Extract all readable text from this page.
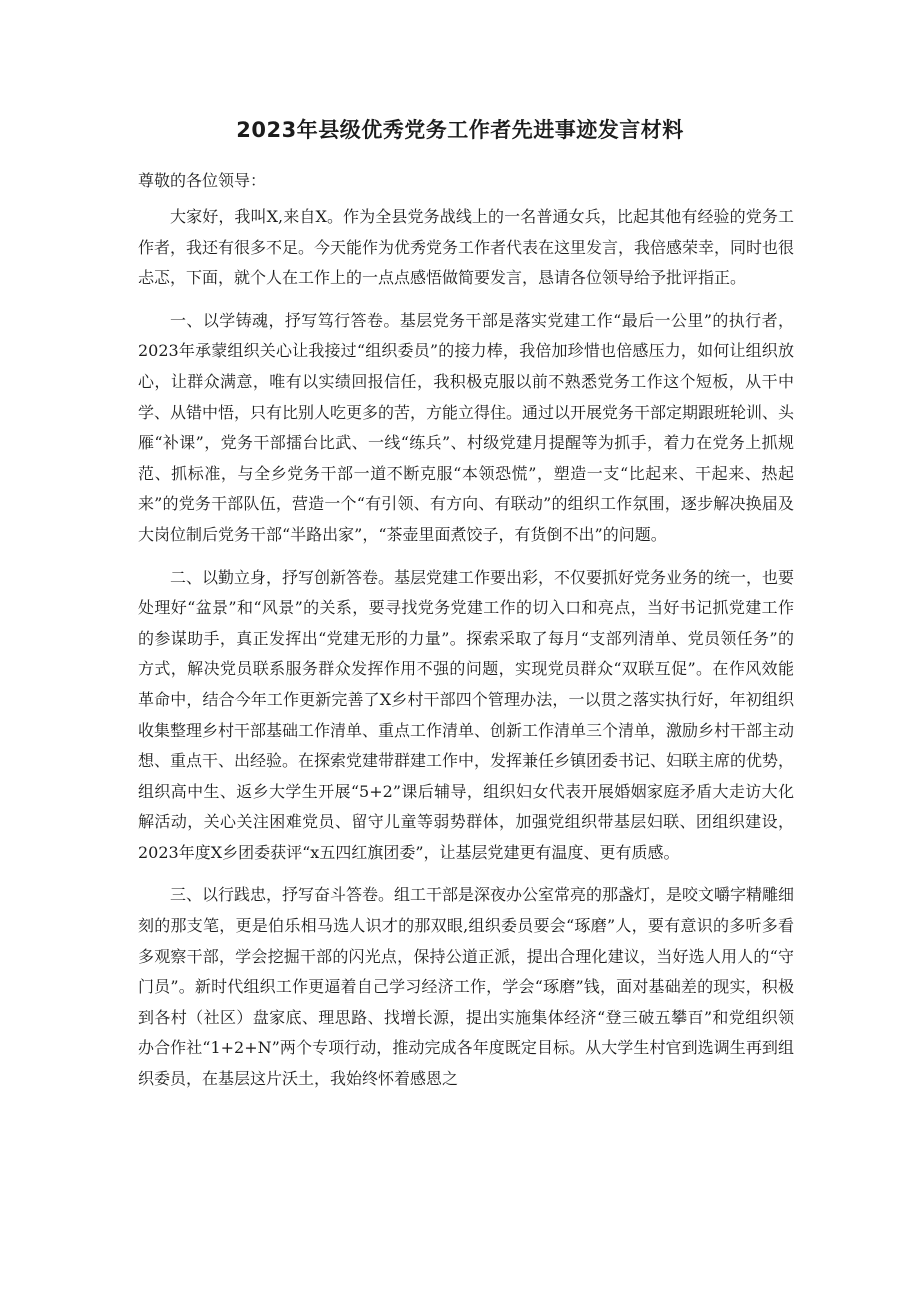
2023年县级优秀党务工作者先进事迹发言材料

尊敬的各位领导：

大家好，我叫X,来自X。作为全县党务战线上的一名普通女兵，比起其他有经验的党务工作者，我还有很多不足。今天能作为优秀党务工作者代表在这里发言，我倍感荣幸，同时也很忐忑，下面，就个人在工作上的一点点感悟做简要发言，恳请各位领导给予批评指正。

一、以学铸魂，抒写笃行答卷。基层党务干部是落实党建工作“最后一公里”的执行者，2023年承蒙组织关心让我接过“组织委员”的接力棒，我倍加珍惜也倍感压力，如何让组织放心，让群众满意，唯有以实绩回报信任，我积极克服以前不熟悉党务工作这个短板，从干中学、从错中悟，只有比别人吃更多的苦，方能立得住。通过以开展党务干部定期跟班轮训、头雁“补课”，党务干部擂台比武、一线“练兵”、村级党建月提醒等为抓手，着力在党务上抓规范、抓标准，与全乡党务干部一道不断克服“本领恐慌”，塑造一支“比起来、干起来、热起来”的党务干部队伍，营造一个“有引领、有方向、有联动”的组织工作氛围，逐步解决换届及大岗位制后党务干部“半路出家”，“茶壶里面煮饺子，有货倒不出”的问题。

二、以勤立身，抒写创新答卷。基层党建工作要出彩，不仅要抓好党务业务的统一，也要处理好“盆景”和“风景”的关系，要寻找党务党建工作的切入口和亮点，当好书记抓党建工作的参谋助手，真正发挥出“党建无形的力量”。探索采取了每月“支部列清单、党员领任务”的方式，解决党员联系服务群众发挥作用不强的问题，实现党员群众“双联互促”。在作风效能革命中，结合今年工作更新完善了X乡村干部四个管理办法，一以贯之落实执行好，年初组织收集整理乡村干部基础工作清单、重点工作清单、创新工作清单三个清单，激励乡村干部主动想、重点干、出经验。在探索党建带群建工作中，发挥兼任乡镇团委书记、妇联主席的优势，组织高中生、返乡大学生开展“5+2”课后辅导，组织妇女代表开展婚姻家庭矛盾大走访大化解活动，关心关注困难党员、留守儿童等弱势群体，加强党组织带基层妇联、团组织建设，2023年度X乡团委获评“x五四红旗团委”，让基层党建更有温度、更有质感。

三、以行践忠，抒写奋斗答卷。组工干部是深夜办公室常亮的那盏灯，是咬文嚼字精雕细刻的那支笔，更是伯乐相马选人识才的那双眼,组织委员要会“琢磨”人，要有意识的多听多看多观察干部，学会挖掘干部的闪光点，保持公道正派，提出合理化建议，当好选人用人的“守门员”。新时代组织工作更逼着自己学习经济工作，学会“琢磨”钱，面对基础差的现实，积极到各村（社区）盘家底、理思路、找增长源，提出实施集体经济“登三破五攀百”和党组织领办合作社“1+2+N”两个专项行动，推动完成各年度既定目标。从大学生村官到选调生再到组织委员，在基层这片沃土，我始终怀着感恩之
